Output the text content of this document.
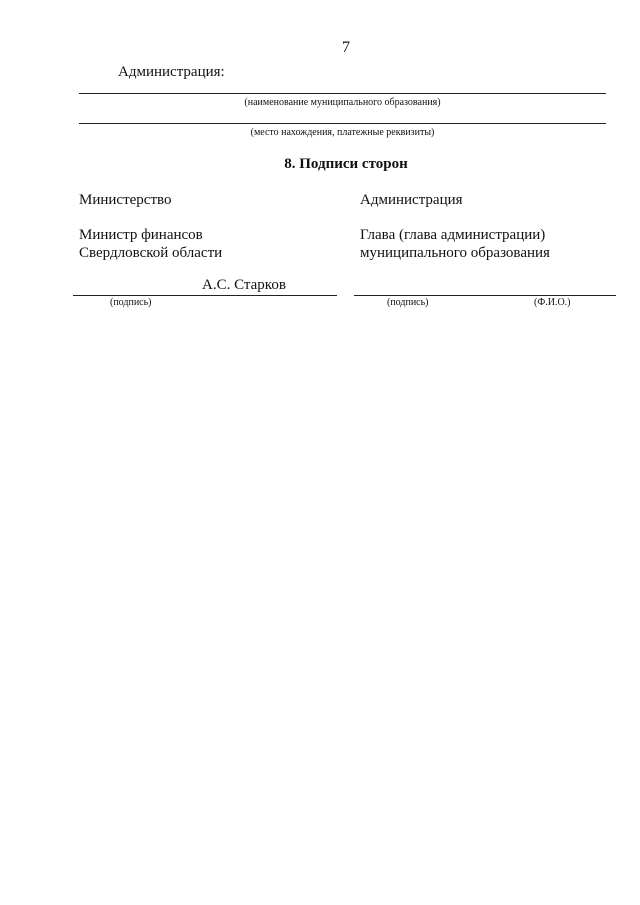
7
Администрация:
(наименование муниципального образования)
(место нахождения, платежные реквизиты)
8. Подписи сторон
Министерство
Министр финансов
Свердловской области
Администрация
Глава (глава администрации)
муниципального образования
А.С. Старков
(подпись)	(подпись)	(Ф.И.О.)
